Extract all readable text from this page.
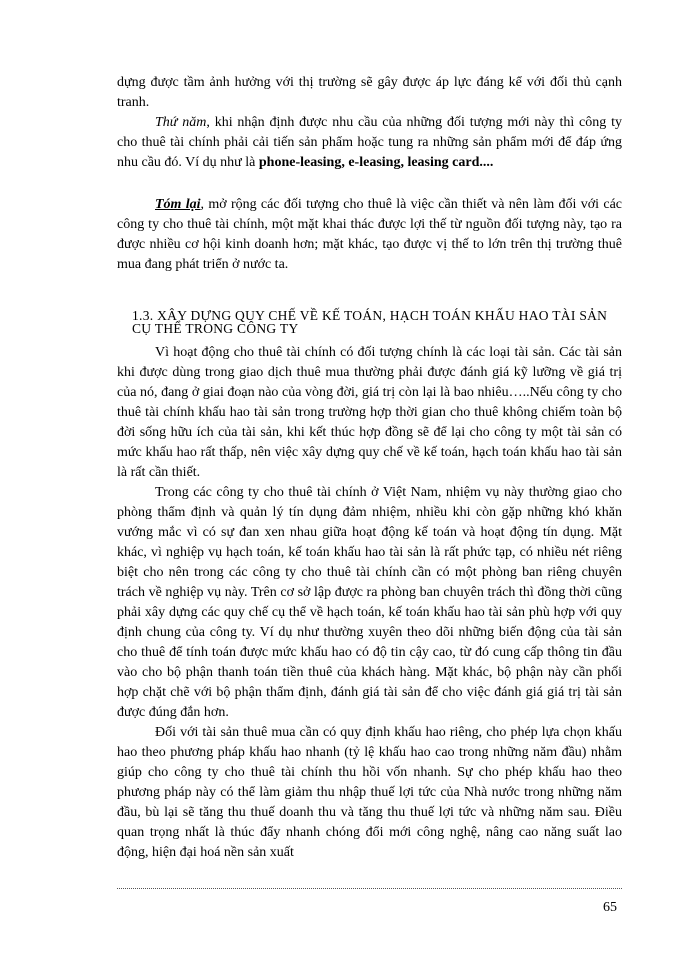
dựng được tầm ảnh hưởng với thị trường sẽ gây được áp lực đáng kể với đối thủ cạnh tranh.

Thứ năm, khi nhận định được nhu cầu của những đối tượng mới này thì công ty cho thuê tài chính phải cải tiến sản phẩm hoặc tung ra những sản phẩm mới để đáp ứng nhu cầu đó. Ví dụ như là phone-leasing, e-leasing, leasing card....

Tóm lại, mở rộng các đối tượng cho thuê là việc cần thiết và nên làm đối với các công ty cho thuê tài chính, một mặt khai thác được lợi thế từ nguồn đối tượng này, tạo ra được nhiều cơ hội kinh doanh hơn; mặt khác, tạo được vị thế to lớn trên thị trường thuê mua đang phát triển ở nước ta.

1.3. XÂY DỰNG QUY CHẾ VỀ KẾ TOÁN, HẠCH TOÁN KHẤU HAO TÀI SẢN CỤ THỂ TRONG CÔNG TY

Vì hoạt động cho thuê tài chính có đối tượng chính là các loại tài sản. Các tài sản khi được dùng trong giao dịch thuê mua thường phải được đánh giá kỹ lưỡng về giá trị của nó, đang ở giai đoạn nào của vòng đời, giá trị còn lại là bao nhiêu…..Nếu công ty cho thuê tài chính khấu hao tài sản trong trường hợp thời gian cho thuê không chiếm toàn bộ đời sống hữu ích của tài sản, khi kết thúc hợp đồng sẽ để lại cho công ty một tài sản có mức khấu hao rất thấp, nên việc xây dựng quy chế về kế toán, hạch toán khấu hao tài sản là rất cần thiết.

Trong các công ty cho thuê tài chính ở Việt Nam, nhiệm vụ này thường giao cho phòng thẩm định và quản lý tín dụng đảm nhiệm, nhiều khi còn gặp những khó khăn vướng mắc vì có sự đan xen nhau giữa hoạt động kế toán và hoạt động tín dụng. Mặt khác, vì nghiệp vụ hạch toán, kế toán khấu hao tài sản là rất phức tạp, có nhiều nét riêng biệt cho nên trong các công ty cho thuê tài chính cần có một phòng ban riêng chuyên trách về nghiệp vụ này. Trên cơ sở lập được ra phòng ban chuyên trách thì đồng thời cũng phải xây dựng các quy chế cụ thể về hạch toán, kế toán khấu hao tài sản phù hợp với quy định chung của công ty. Ví dụ như thường xuyên theo dõi những biến động của tài sản cho thuê để tính toán được mức khấu hao có độ tin cậy cao, từ đó cung cấp thông tin đầu vào cho bộ phận thanh toán tiền thuê của khách hàng. Mặt khác, bộ phận này cần phối hợp chặt chẽ với bộ phận thẩm định, đánh giá tài sản để cho việc đánh giá giá trị tài sản được đúng đắn hơn.

Đối với tài sản thuê mua cần có quy định khấu hao riêng, cho phép lựa chọn khấu hao theo phương pháp khấu hao nhanh (tỷ lệ khấu hao cao trong những năm đầu) nhằm giúp cho công ty cho thuê tài chính thu hồi vốn nhanh. Sự cho phép khấu hao theo phương pháp này có thể làm giảm thu nhập thuế lợi tức của Nhà nước trong những năm đầu, bù lại sẽ tăng thu thuế doanh thu và tăng thu thuế lợi tức và những năm sau. Điều quan trọng nhất là thúc đẩy nhanh chóng đổi mới công nghệ, nâng cao năng suất lao động, hiện đại hoá nền sản xuất

65
